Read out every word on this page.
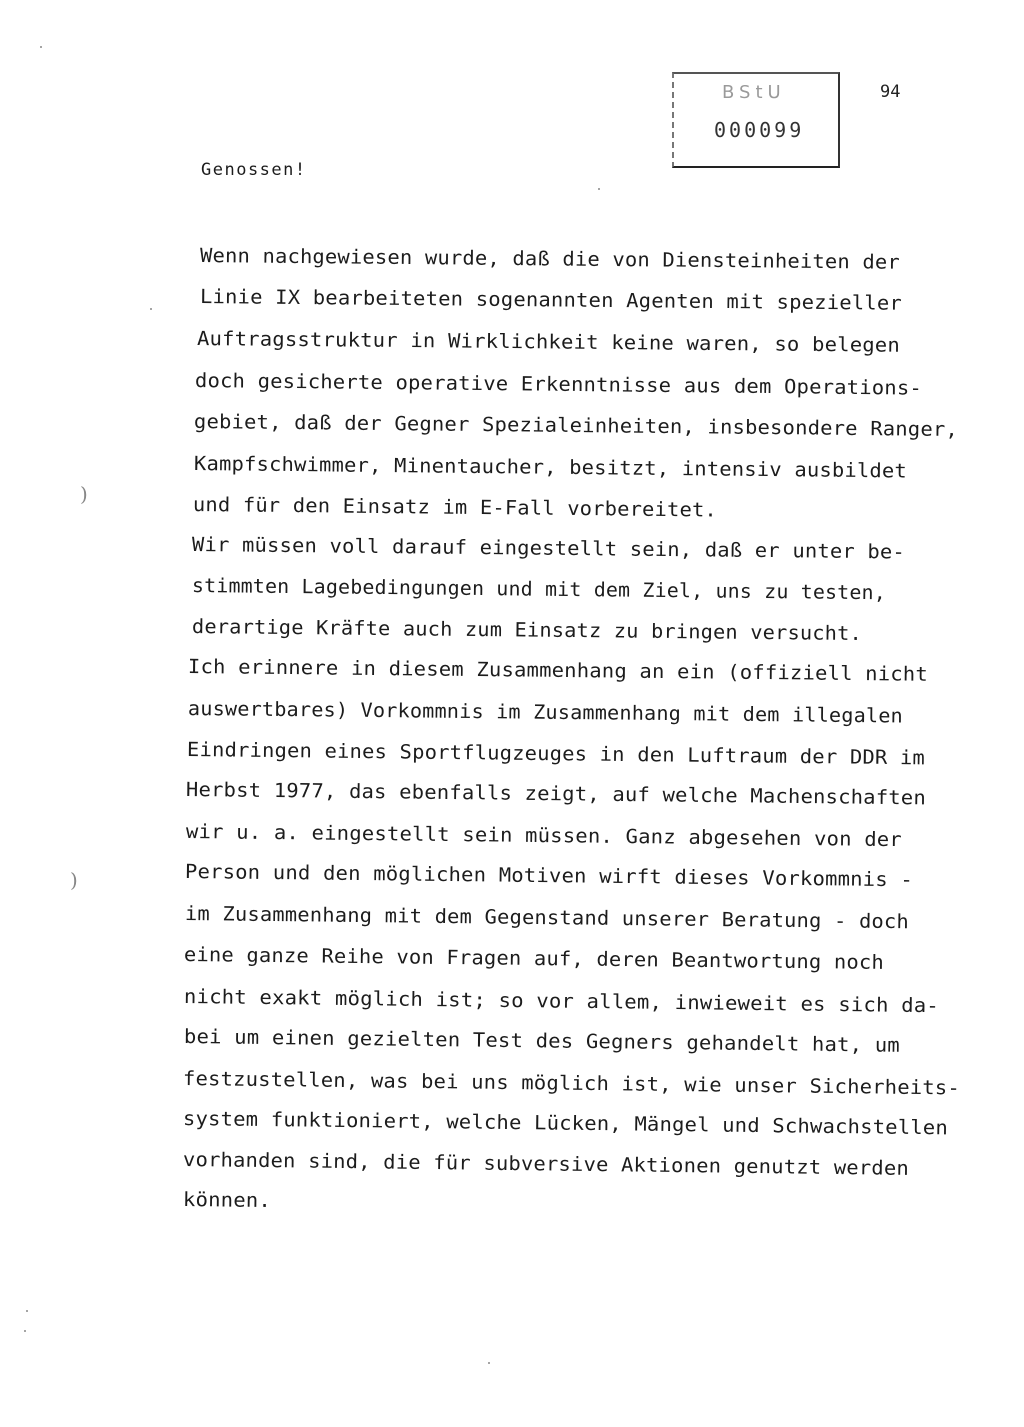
BStU
000099
94
Genossen!
Wenn nachgewiesen wurde, daß die von Diensteinheiten der
Linie IX bearbeiteten sogenannten Agenten mit spezieller
Auftragsstruktur in Wirklichkeit keine waren, so belegen
doch gesicherte operative Erkenntnisse aus dem Operations-
gebiet, daß der Gegner Spezialeinheiten, insbesondere Ranger,
Kampfschwimmer, Minentaucher, besitzt, intensiv ausbildet
und für den Einsatz im E-Fall vorbereitet.
Wir müssen voll darauf eingestellt sein, daß er unter be-
stimmten Lagebedingungen und mit dem Ziel, uns zu testen,
derartige Kräfte auch zum Einsatz zu bringen versucht.
Ich erinnere in diesem Zusammenhang an ein (offiziell nicht
auswertbares) Vorkommnis im Zusammenhang mit dem illegalen
Eindringen eines Sportflugzeuges in den Luftraum der DDR im
Herbst 1977, das ebenfalls zeigt, auf welche Machenschaften
wir u. a. eingestellt sein müssen. Ganz abgesehen von der
Person und den möglichen Motiven wirft dieses Vorkommnis -
im Zusammenhang mit dem Gegenstand unserer Beratung - doch
eine ganze Reihe von Fragen auf, deren Beantwortung noch
nicht exakt möglich ist; so vor allem, inwieweit es sich da-
bei um einen gezielten Test des Gegners gehandelt hat, um
festzustellen, was bei uns möglich ist, wie unser Sicherheits-
system funktioniert, welche Lücken, Mängel und Schwachstellen
vorhanden sind, die für subversive Aktionen genutzt werden
können.
)
)
